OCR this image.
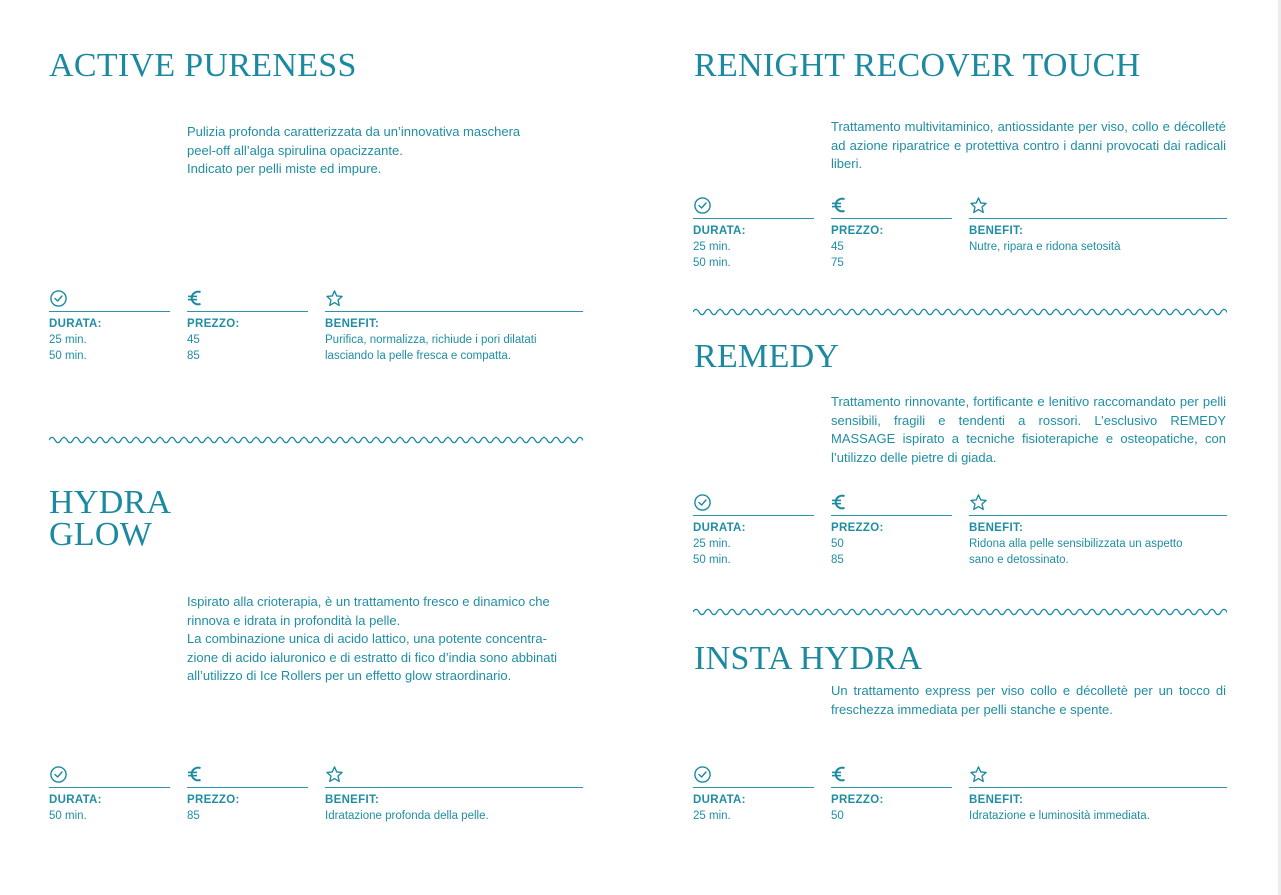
ACTIVE PURENESS

Pulizia profonda caratterizzata da un’innovativa maschera
peel-off all’alga spirulina opacizzante.
Indicato per pelli miste ed impure.

DURATA:
25 min.
50 min.
PREZZO:
45
85
BENEFIT:
Purifica, normalizza, richiude i pori dilatati
lasciando la pelle fresca e compatta.
HYDRA
GLOW

Ispirato alla crioterapia, è un trattamento fresco e dinamico che
rinnova e idrata in profondità la pelle.
La combinazione unica di acido lattico, una potente concentra-
zione di acido ialuronico e di estratto di fico d’india sono abbinati
all’utilizzo di Ice Rollers per un effetto glow straordinario.

DURATA:
50 min.
PREZZO:
85
BENEFIT:
Idratazione profonda della pelle.
RENIGHT RECOVER TOUCH

Trattamento multivitaminico, antiossidante per viso, collo e décolleté ad azione riparatrice e protettiva contro i danni provocati dai radicali liberi.

DURATA:
25 min.
50 min.
PREZZO:
45
75
BENEFIT:
Nutre, ripara e ridona setosità
REMEDY

Trattamento rinnovante, fortificante e lenitivo raccomandato per pelli sensibili, fragili e tendenti a rossori. L’esclusivo REMEDY MASSAGE ispirato a tecniche fisioterapiche e osteopatiche, con l’utilizzo delle pietre di giada.

DURATA:
25 min.
50 min.
PREZZO:
50
85
BENEFIT:
Ridona alla pelle sensibilizzata un aspetto
sano e detossinato.
INSTA HYDRA

Un trattamento express per viso collo e décolletè per un tocco di freschezza immediata per pelli stanche e spente.

DURATA:
25 min.
PREZZO:
50
BENEFIT:
Idratazione e luminosità immediata.
